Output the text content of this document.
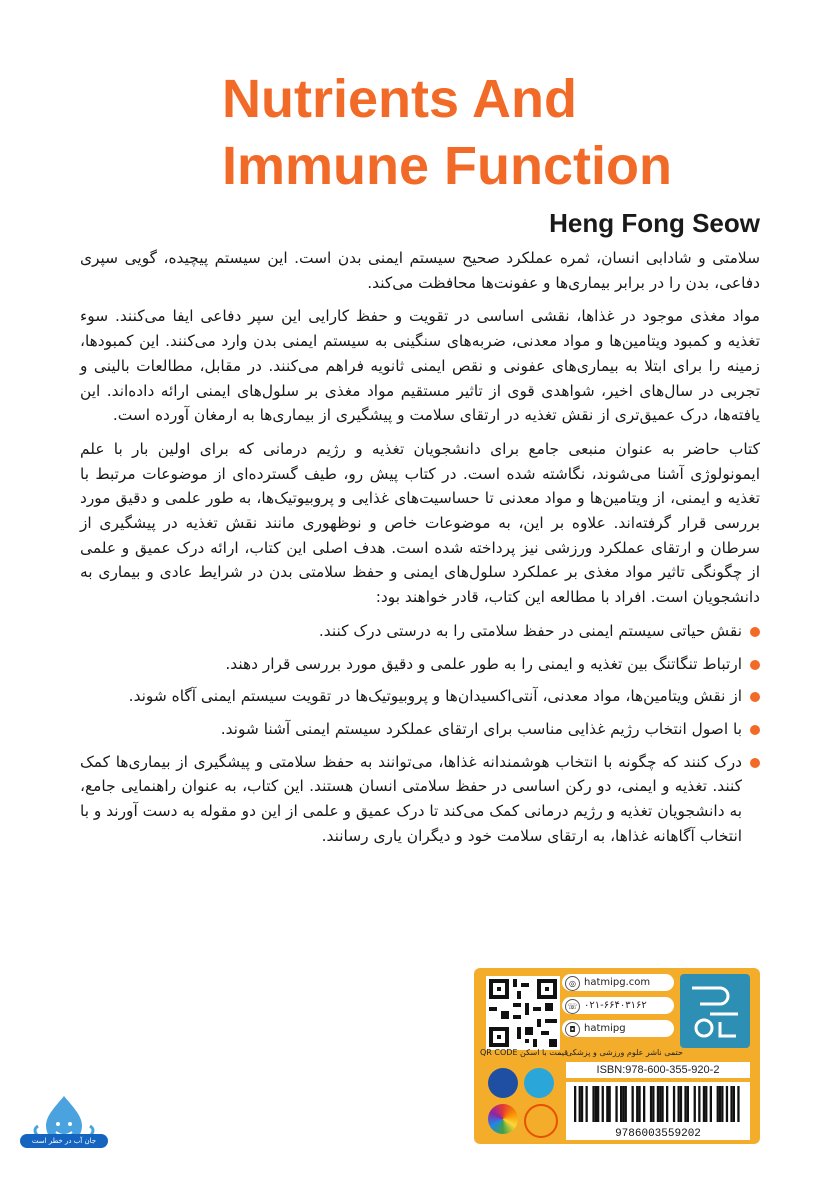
Nutrients And
Immune Function
Heng Fong Seow

سلامتی و شادابی انسان، ثمره عملکرد صحیح سیستم ایمنی بدن است. این سیستم پیچیده، گویی سپری دفاعی، بدن را در برابر بیماری‌ها و عفونت‌ها محافظت می‌کند.

مواد مغذی موجود در غذاها، نقشی اساسی در تقویت و حفظ کارایی این سپر دفاعی ایفا می‌کنند. سوء تغذیه و کمبود ویتامین‌ها و مواد معدنی، ضربه‌های سنگینی به سیستم ایمنی بدن وارد می‌کنند. این کمبودها، زمینه را برای ابتلا به بیماری‌های عفونی و نقص ایمنی ثانویه فراهم می‌کنند. در مقابل، مطالعات بالینی و تجربی در سال‌های اخیر، شواهدی قوی از تاثیر مستقیم مواد مغذی بر سلول‌های ایمنی ارائه داده‌اند. این یافته‌ها، درک عمیق‌تری از نقش تغذیه در ارتقای سلامت و پیشگیری از بیماری‌ها به ارمغان آورده است.

کتاب حاضر به عنوان منبعی جامع برای دانشجویان تغذیه و رژیم درمانی که برای اولین بار با علم ایمونولوژی آشنا می‌شوند، نگاشته شده است. در کتاب پیش رو، طیف گسترده‌ای از موضوعات مرتبط با تغذیه و ایمنی، از ویتامین‌ها و مواد معدنی تا حساسیت‌های غذایی و پروبیوتیک‌ها، به طور علمی و دقیق مورد بررسی قرار گرفته‌اند. علاوه بر این، به موضوعات خاص و نوظهوری مانند نقش تغذیه در پیشگیری از سرطان و ارتقای عملکرد ورزشی نیز پرداخته شده است. هدف اصلی این کتاب، ارائه درک عمیق و علمی از چگونگی تاثیر مواد مغذی بر عملکرد سلول‌های ایمنی و حفظ سلامتی بدن در شرایط عادی و بیماری به دانشجویان است. افراد با مطالعه این کتاب، قادر خواهند بود:

نقش حیاتی سیستم ایمنی در حفظ سلامتی را به درستی درک کنند.
ارتباط تنگاتنگ بین تغذیه و ایمنی را به طور علمی و دقیق مورد بررسی قرار دهند.
از نقش ویتامین‌ها، مواد معدنی، آنتی‌اکسیدان‌ها و پروبیوتیک‌ها در تقویت سیستم ایمنی آگاه شوند.
با اصول انتخاب رژیم غذایی مناسب برای ارتقای عملکرد سیستم ایمنی آشنا شوند.
درک کنند که چگونه با انتخاب هوشمندانه غذاها، می‌توانند به حفظ سلامتی و پیشگیری از بیماری‌ها کمک کنند. تغذیه و ایمنی، دو رکن اساسی در حفظ سلامتی انسان هستند. این کتاب، به عنوان راهنمایی جامع، به دانشجویان تغذیه و رژیم درمانی کمک می‌کند تا درک عمیق و علمی از این دو مقوله به دست آورند و با انتخاب آگاهانه غذاها، به ارتقای سلامت خود و دیگران یاری رسانند.
◎ hatmipg.com
☏ ۰۲۱-۶۶۴۰۳۱۶۲
◘ hatmipg
حتمی ناشر علوم ورزشی و پزشکی
QR CODE قیمت با اسکن
ISBN:978-600-355-920-2
9786003559202
جان آب در خطر است
